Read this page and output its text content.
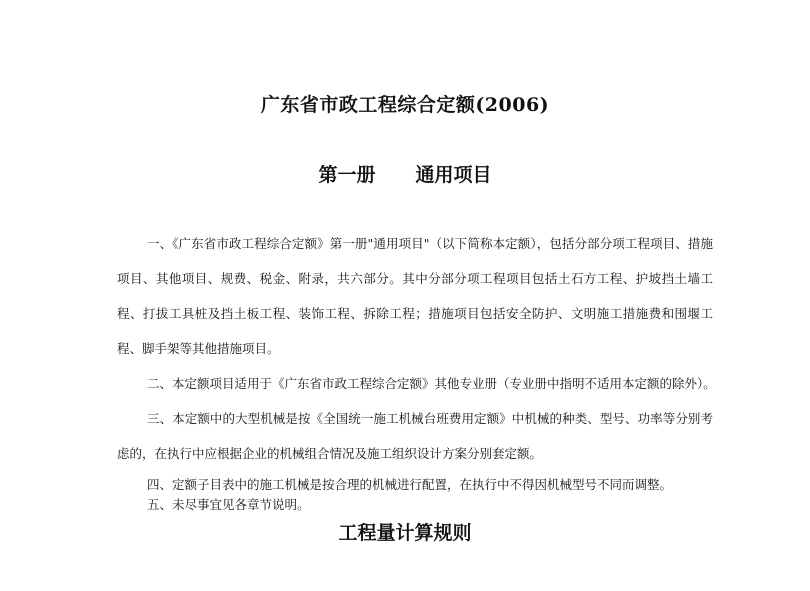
广东省市政工程综合定额(2006)
第一册 通用项目

一、《广东省市政工程综合定额》第一册"通用项目"（以下简称本定额），包括分部分项工程项目、措施项目、其他项目、规费、税金、附录，共六部分。其中分部分项工程项目包括土石方工程、护坡挡土墙工程、打拔工具桩及挡土板工程、装饰工程、拆除工程；措施项目包括安全防护、文明施工措施费和围堰工程、脚手架等其他措施项目。

二、本定额项目适用于《广东省市政工程综合定额》其他专业册（专业册中指明不适用本定额的除外）。

三、本定额中的大型机械是按《全国统一施工机械台班费用定额》中机械的种类、型号、功率等分别考虑的，在执行中应根据企业的机械组合情况及施工组织设计方案分别套定额。

四、定额子目表中的施工机械是按合理的机械进行配置，在执行中不得因机械型号不同而调整。

五、未尽事宜见各章节说明。

工程量计算规则
